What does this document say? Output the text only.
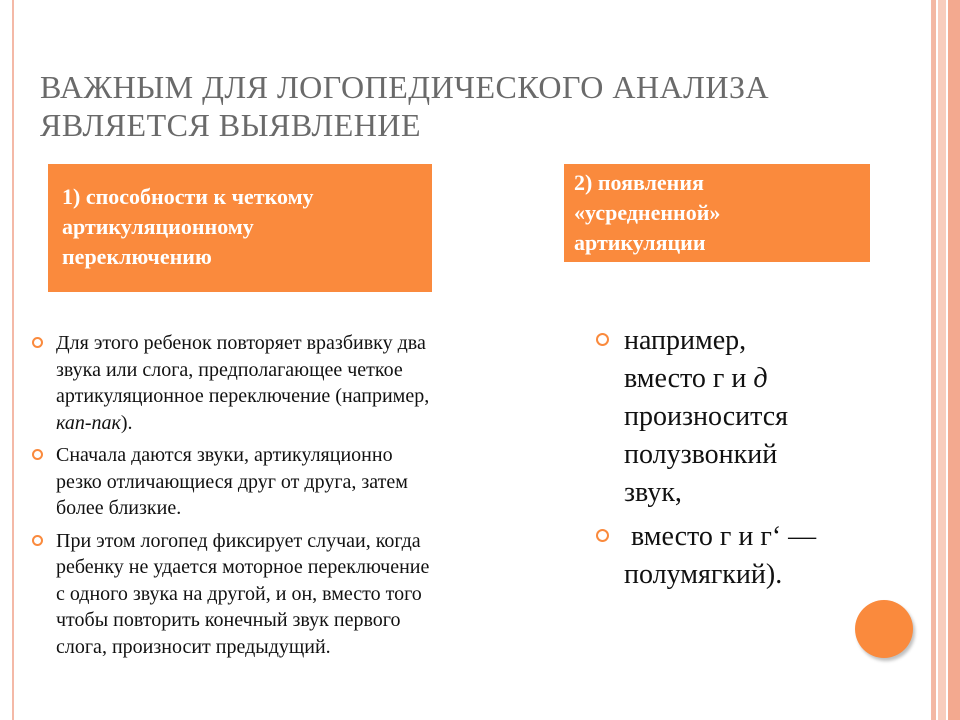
ВАЖНЫМ ДЛЯ ЛОГОПЕДИЧЕСКОГО АНАЛИЗА
ЯВЛЯЕТСЯ ВЫЯВЛЕНИЕ
1) способности к четкому
артикуляционному
переключению
2) появления
«усредненной»
артикуляции
Для этого ребенок повторяет вразбивку два
звука или слога, предполагающее четкое
артикуляционное переключение (например,
кап-пак).
Сначала даются звуки, артикуляционно
резко отличающиеся друг от друга, затем
более близкие.
При этом логопед фиксирует случаи, когда
ребенку не удается моторное переключение
с одного звука на другой, и он, вместо того
чтобы повторить конечный звук первого
слога, произносит предыдущий.
например,
вместо г и д
произносится
полузвонкий
звук,
вместо г и г‘ —
полумягкий).
